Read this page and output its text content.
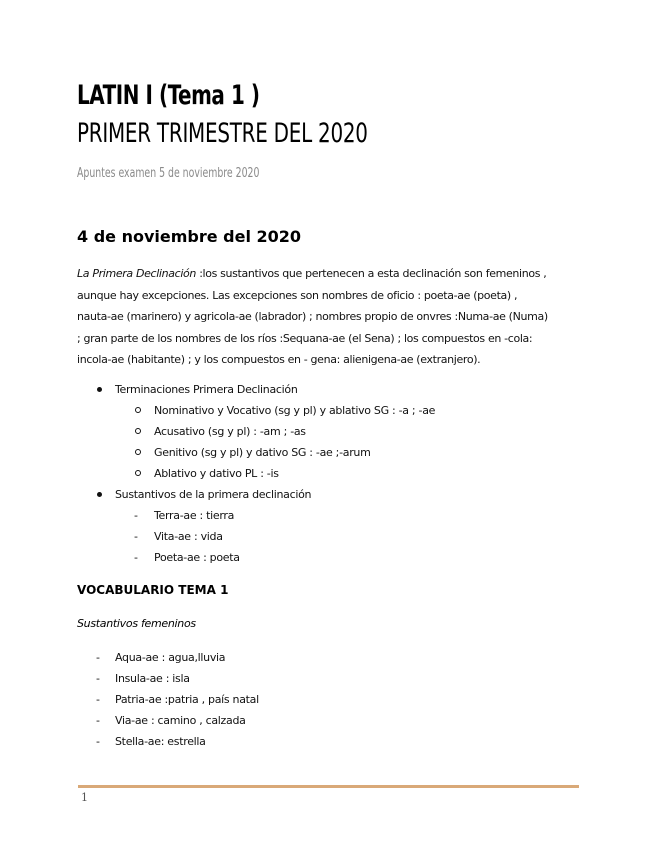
LATIN I (Tema 1 )
PRIMER TRIMESTRE DEL 2020
Apuntes examen 5 de noviembre 2020
4 de noviembre del 2020

La Primera Declinación :los sustantivos que pertenecen a esta declinación son femeninos ,
aunque hay excepciones. Las excepciones son nombres de oficio : poeta-ae (poeta) ,
nauta-ae (marinero) y agricola-ae (labrador) ; nombres propio de onvres :Numa-ae (Numa)
; gran parte de los nombres de los ríos :Sequana-ae (el Sena) ; los compuestos en -cola:
incola-ae (habitante) ; y los compuestos en - gena: alienigena-ae (extranjero).

Terminaciones Primera Declinación
Nominativo y Vocativo (sg y pl) y ablativo SG : -a ; -ae
Acusativo (sg y pl) : -am ; -as
Genitivo (sg y pl) y dativo SG : -ae ;-arum
Ablativo y dativo PL : -is
Sustantivos de la primera declinación
- Terra-ae : tierra
- Vita-ae : vida
- Poeta-ae : poeta
VOCABULARIO TEMA 1
Sustantivos femeninos
- Aqua-ae : agua,lluvia
- Insula-ae : isla
- Patria-ae :patria , país natal
- Via-ae : camino , calzada
- Stella-ae: estrella
1
